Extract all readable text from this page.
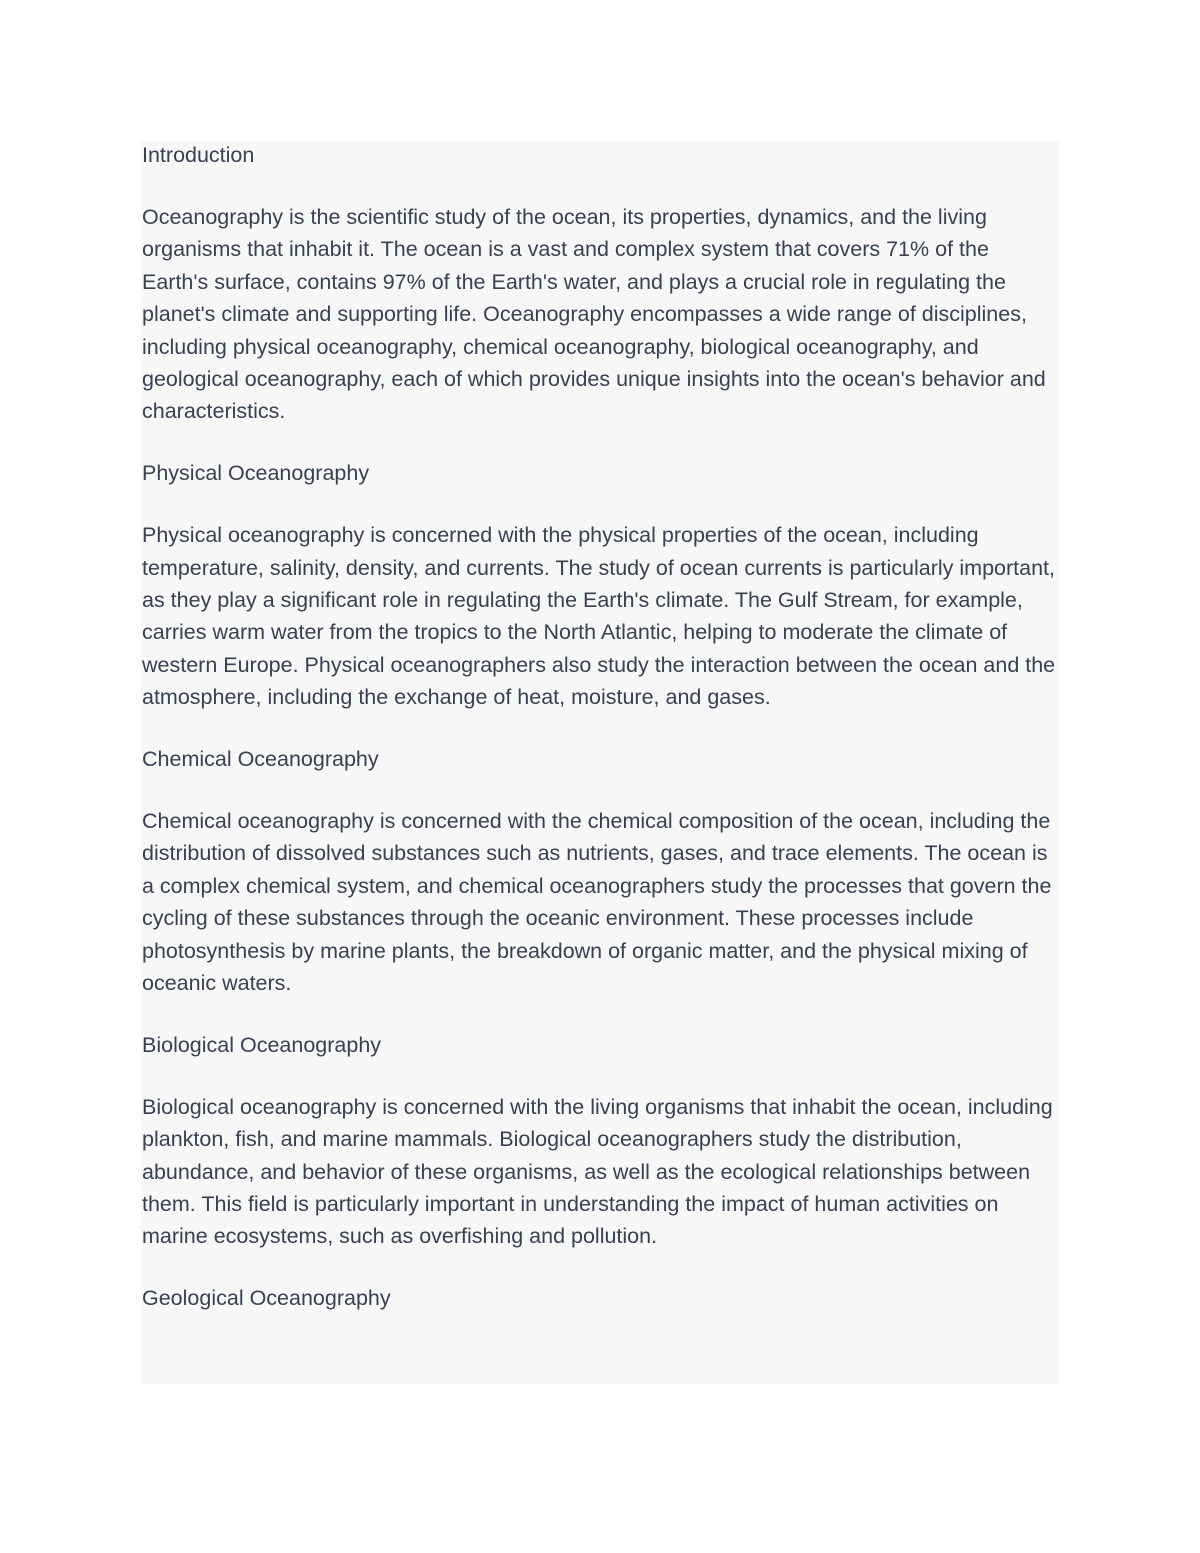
Introduction

Oceanography is the scientific study of the ocean, its properties, dynamics, and the living organisms that inhabit it. The ocean is a vast and complex system that covers 71% of the Earth's surface, contains 97% of the Earth's water, and plays a crucial role in regulating the planet's climate and supporting life. Oceanography encompasses a wide range of disciplines, including physical oceanography, chemical oceanography, biological oceanography, and geological oceanography, each of which provides unique insights into the ocean's behavior and characteristics.

Physical Oceanography

Physical oceanography is concerned with the physical properties of the ocean, including temperature, salinity, density, and currents. The study of ocean currents is particularly important, as they play a significant role in regulating the Earth's climate. The Gulf Stream, for example, carries warm water from the tropics to the North Atlantic, helping to moderate the climate of western Europe. Physical oceanographers also study the interaction between the ocean and the atmosphere, including the exchange of heat, moisture, and gases.

Chemical Oceanography

Chemical oceanography is concerned with the chemical composition of the ocean, including the distribution of dissolved substances such as nutrients, gases, and trace elements. The ocean is a complex chemical system, and chemical oceanographers study the processes that govern the cycling of these substances through the oceanic environment. These processes include photosynthesis by marine plants, the breakdown of organic matter, and the physical mixing of oceanic waters.

Biological Oceanography

Biological oceanography is concerned with the living organisms that inhabit the ocean, including plankton, fish, and marine mammals. Biological oceanographers study the distribution, abundance, and behavior of these organisms, as well as the ecological relationships between them. This field is particularly important in understanding the impact of human activities on marine ecosystems, such as overfishing and pollution.

Geological Oceanography
